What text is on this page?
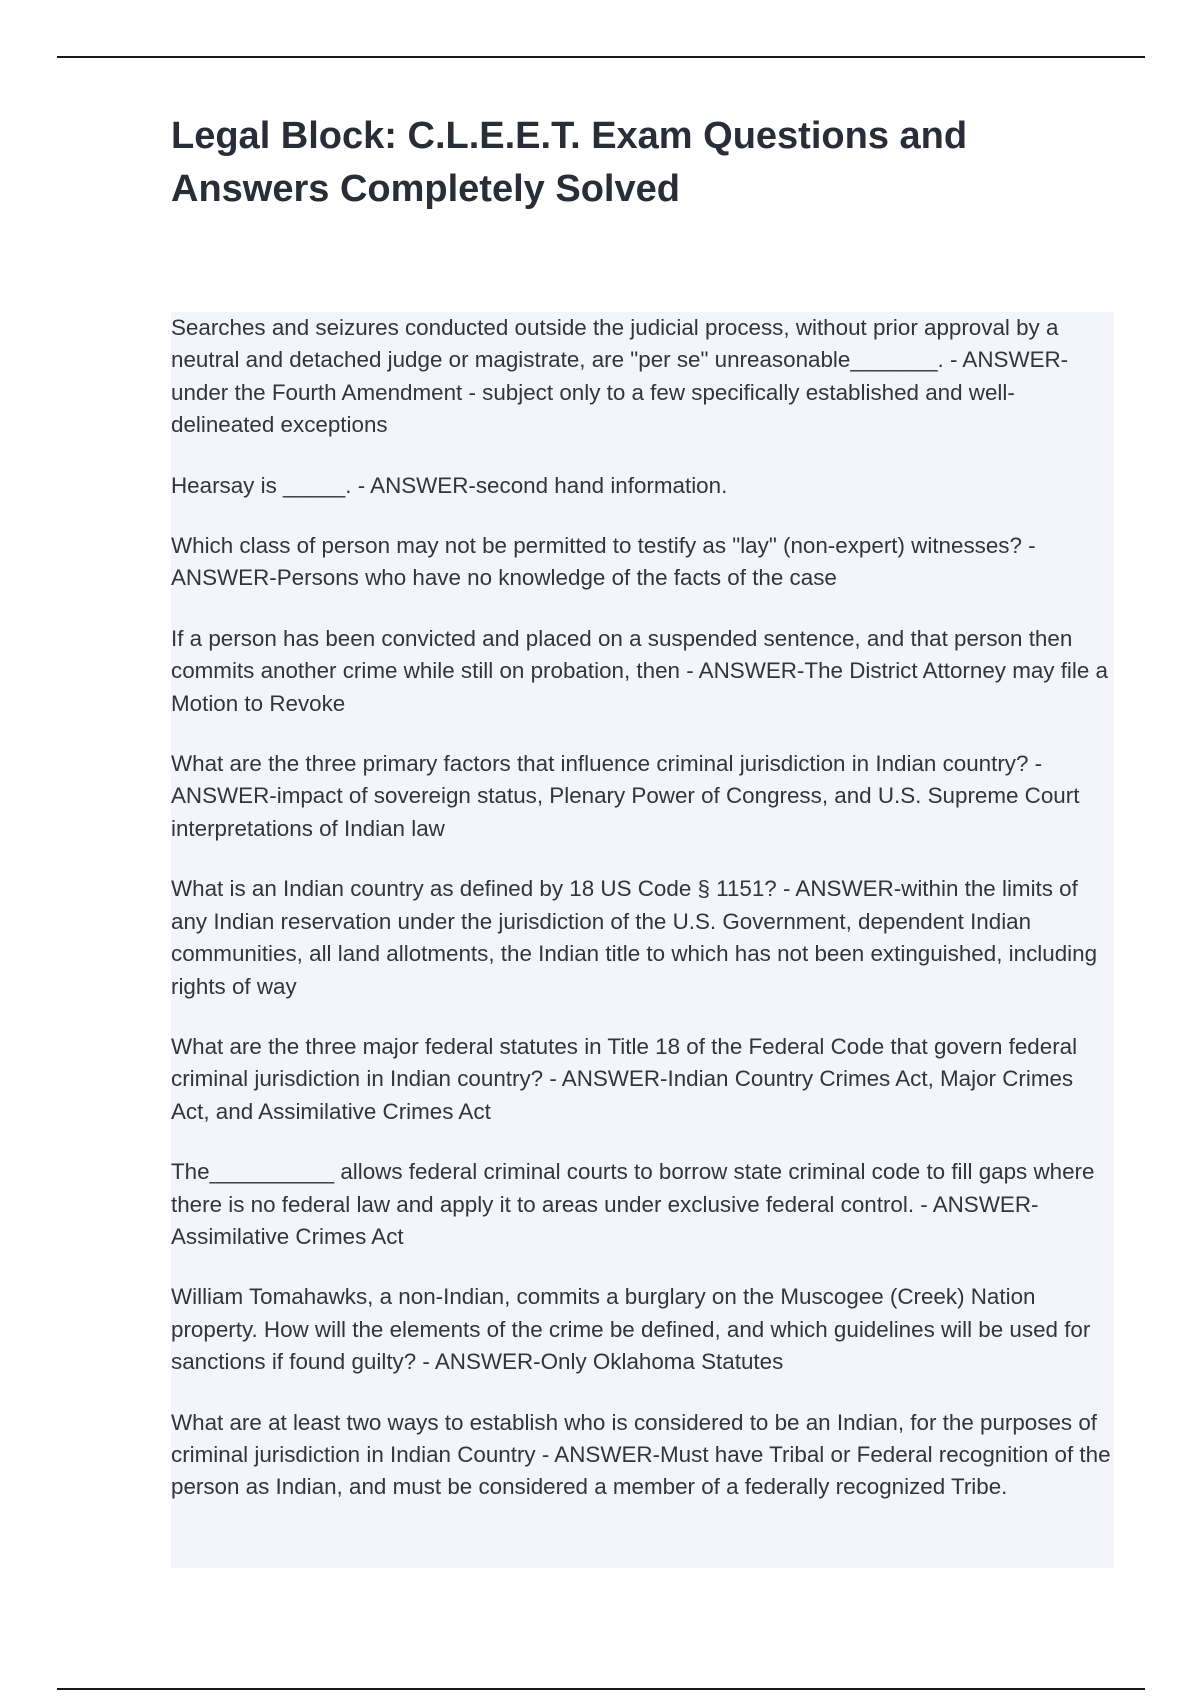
Legal Block: C.L.E.E.T. Exam Questions and Answers Completely Solved

Searches and seizures conducted outside the judicial process, without prior approval by a neutral and detached judge or magistrate, are "per se" unreasonable_______. - ANSWER-under the Fourth Amendment - subject only to a few specifically established and well-delineated exceptions

Hearsay is _____. - ANSWER-second hand information.

Which class of person may not be permitted to testify as "lay" (non-expert) witnesses? - ANSWER-Persons who have no knowledge of the facts of the case

If a person has been convicted and placed on a suspended sentence, and that person then commits another crime while still on probation, then - ANSWER-The District Attorney may file a Motion to Revoke

What are the three primary factors that influence criminal jurisdiction in Indian country? - ANSWER-impact of sovereign status, Plenary Power of Congress, and U.S. Supreme Court interpretations of Indian law

What is an Indian country as defined by 18 US Code § 1151? - ANSWER-within the limits of any Indian reservation under the jurisdiction of the U.S. Government, dependent Indian communities, all land allotments, the Indian title to which has not been extinguished, including rights of way

What are the three major federal statutes in Title 18 of the Federal Code that govern federal criminal jurisdiction in Indian country? - ANSWER-Indian Country Crimes Act, Major Crimes Act, and Assimilative Crimes Act

The__________ allows federal criminal courts to borrow state criminal code to fill gaps where there is no federal law and apply it to areas under exclusive federal control. - ANSWER-Assimilative Crimes Act

William Tomahawks, a non-Indian, commits a burglary on the Muscogee (Creek) Nation property. How will the elements of the crime be defined, and which guidelines will be used for sanctions if found guilty? - ANSWER-Only Oklahoma Statutes

What are at least two ways to establish who is considered to be an Indian, for the purposes of criminal jurisdiction in Indian Country - ANSWER-Must have Tribal or Federal recognition of the person as Indian, and must be considered a member of a federally recognized Tribe.
